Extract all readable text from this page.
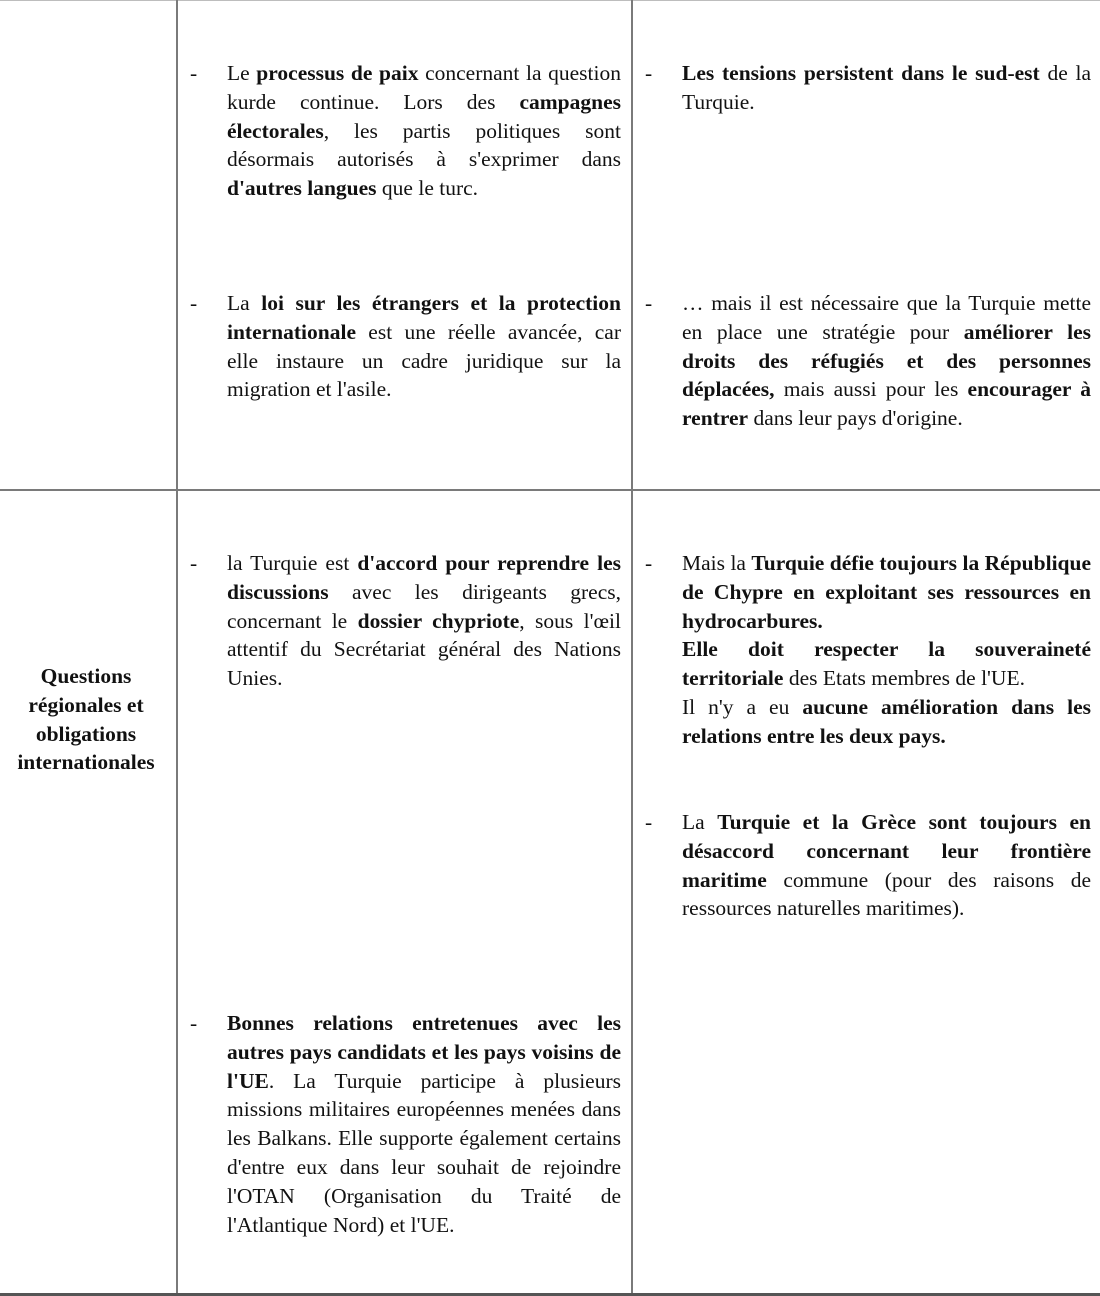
- Le processus de paix concernant la question kurde continue. Lors des campagnes électorales, les partis politiques sont désormais autorisés à s'exprimer dans d'autres langues que le turc.
- La loi sur les étrangers et la protection internationale est une réelle avancée, car elle instaure un cadre juridique sur la migration et l'asile.
- Les tensions persistent dans le sud-est de la Turquie.
- … mais il est nécessaire que la Turquie mette en place une stratégie pour améliorer les droits des réfugiés et des personnes déplacées, mais aussi pour les encourager à rentrer dans leur pays d'origine.
Questions régionales et obligations internationales
- la Turquie est d'accord pour reprendre les discussions avec les dirigeants grecs, concernant le dossier chypriote, sous l'œil attentif du Secrétariat général des Nations Unies.
- Bonnes relations entretenues avec les autres pays candidats et les pays voisins de l'UE. La Turquie participe à plusieurs missions militaires européennes menées dans les Balkans. Elle supporte également certains d'entre eux dans leur souhait de rejoindre l'OTAN (Organisation du Traité de l'Atlantique Nord) et l'UE.
- Mais la Turquie défie toujours la République de Chypre en exploitant ses ressources en hydrocarbures.
Elle doit respecter la souveraineté territoriale des Etats membres de l'UE.
Il n'y a eu aucune amélioration dans les relations entre les deux pays.
- La Turquie et la Grèce sont toujours en désaccord concernant leur frontière maritime commune (pour des raisons de ressources naturelles maritimes).
